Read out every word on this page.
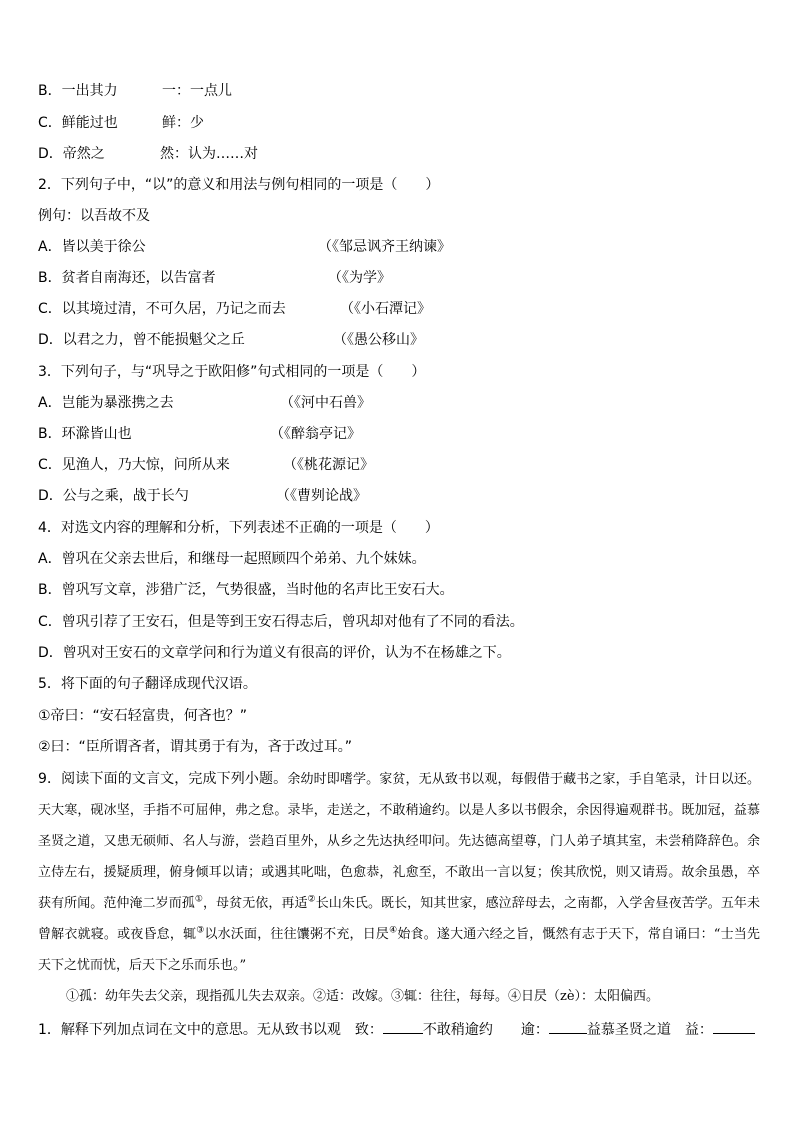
B．一出其力	一：一点儿
C．鲜能过也	鲜：少
D．帝然之	然：认为……对
2．下列句子中，“以”的意义和用法与例句相同的一项是（　　）
例句：以吾故不及
A．皆以美于徐公	（《邹忌讽齐王纳谏》
B．贫者自南海还，以告富者	（《为学》
C．以其境过清，不可久居，乃记之而去	（《小石潭记》
D．以君之力，曾不能损魁父之丘	（《愚公移山》
3．下列句子，与“巩导之于欧阳修”句式相同的一项是（　　）
A．岂能为暴涨携之去	（《河中石兽》
B．环滁皆山也	（《醉翁亭记》
C．见渔人，乃大惊，问所从来	（《桃花源记》
D．公与之乘，战于长勺	（《曹刿论战》
4．对选文内容的理解和分析，下列表述不正确的一项是（　　）
A．曾巩在父亲去世后，和继母一起照顾四个弟弟、九个妹妹。
B．曾巩写文章，涉猎广泛，气势很盛，当时他的名声比王安石大。
C．曾巩引荐了王安石，但是等到王安石得志后，曾巩却对他有了不同的看法。
D．曾巩对王安石的文章学问和行为道义有很高的评价，认为不在杨雄之下。
5．将下面的句子翻译成现代汉语。
①帝曰：“安石轻富贵，何吝也？”
②曰：“臣所谓吝者，谓其勇于有为，吝于改过耳。”
9．阅读下面的文言文，完成下列小题。余幼时即嗜学。家贫，无从致书以观，每假借于藏书之家，手自笔录，计日以还。天大寒，砚冰坚，手指不可屈伸，弗之怠。录毕，走送之，不敢稍逾约。以是人多以书假余，余因得遍观群书。既加冠，益慕圣贤之道，又患无硕师、名人与游，尝趋百里外，从乡之先达执经叩问。先达德高望尊，门人弟子填其室，未尝稍降辞色。余立侍左右，援疑质理，俯身倾耳以请；或遇其叱咄，色愈恭，礼愈至，不敢出一言以复；俟其欣悦，则又请焉。故余虽愚，卒获有所闻。范仲淹二岁而孤①，母贫无依，再适②长山朱氏。既长，知其世家，感泣辞母去，之南都，入学舍昼夜苦学。五年未曾解衣就寝。或夜昏怠，辄③以水沃面，往往馕粥不充，日昃④始食。遂大通六经之旨，慨然有志于天下，常自诵曰：“士当先天下之忧而忧，后天下之乐而乐也。”
①孤：幼年失去父亲，现指孤儿失去双亲。②适：改嫁。③辄：往往，每每。④日昃（zè）：太阳偏西。
1．解释下列加点词在文中的意思。无从致书以观　致：	不敢稍逾约　　逾：	益慕圣贤之道　益：
